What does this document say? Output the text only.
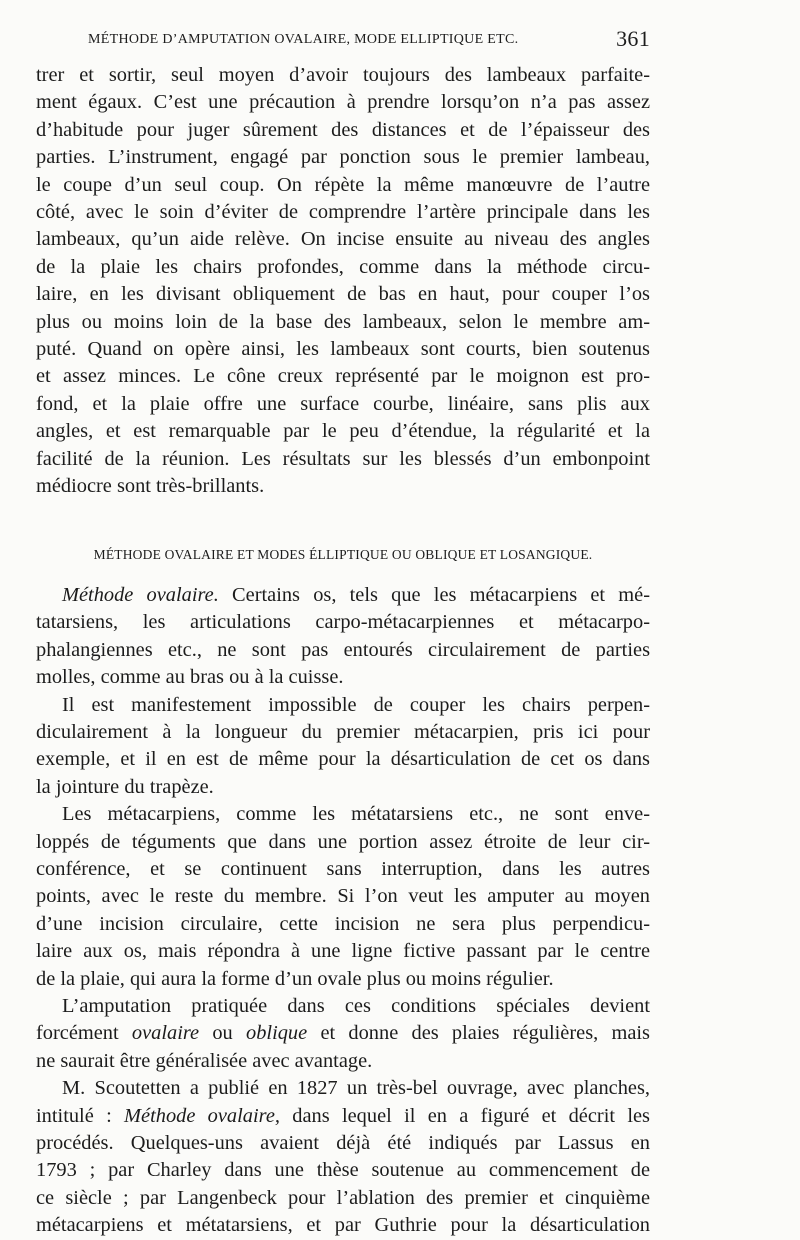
MÉTHODE D’AMPUTATION OVALAIRE, MODE ELLIPTIQUE ETC.	361
trer et sortir, seul moyen d’avoir toujours des lambeaux parfaite-
ment égaux. C’est une précaution à prendre lorsqu’on n’a pas assez
d’habitude pour juger sûrement des distances et de l’épaisseur des
parties. L’instrument, engagé par ponction sous le premier lambeau,
le coupe d’un seul coup. On répète la même manœuvre de l’autre
côté, avec le soin d’éviter de comprendre l’artère principale dans les
lambeaux, qu’un aide relève. On incise ensuite au niveau des angles
de la plaie les chairs profondes, comme dans la méthode circu-
laire, en les divisant obliquement de bas en haut, pour couper l’os
plus ou moins loin de la base des lambeaux, selon le membre am-
puté. Quand on opère ainsi, les lambeaux sont courts, bien soutenus
et assez minces. Le cône creux représenté par le moignon est pro-
fond, et la plaie offre une surface courbe, linéaire, sans plis aux
angles, et est remarquable par le peu d’étendue, la régularité et la
facilité de la réunion. Les résultats sur les blessés d’un embonpoint
médiocre sont très-brillants.
MÉTHODE OVALAIRE ET MODES ÉLLIPTIQUE OU OBLIQUE ET LOSANGIQUE.
Méthode ovalaire. Certains os, tels que les métacarpiens et mé-
tatarsiens, les articulations carpo-métacarpiennes et métacarpo-
phalangiennes etc., ne sont pas entourés circulairement de parties
molles, comme au bras ou à la cuisse.
Il est manifestement impossible de couper les chairs perpen-
diculairement à la longueur du premier métacarpien, pris ici pour
exemple, et il en est de même pour la désarticulation de cet os dans
la jointure du trapèze.
Les métacarpiens, comme les métatarsiens etc., ne sont enve-
loppés de téguments que dans une portion assez étroite de leur cir-
conférence, et se continuent sans interruption, dans les autres
points, avec le reste du membre. Si l’on veut les amputer au moyen
d’une incision circulaire, cette incision ne sera plus perpendicu-
laire aux os, mais répondra à une ligne fictive passant par le centre
de la plaie, qui aura la forme d’un ovale plus ou moins régulier.
L’amputation pratiquée dans ces conditions spéciales devient
forcément ovalaire ou oblique et donne des plaies régulières, mais
ne saurait être généralisée avec avantage.
M. Scoutetten a publié en 1827 un très-bel ouvrage, avec planches,
intitulé : Méthode ovalaire, dans lequel il en a figuré et décrit les
procédés. Quelques-uns avaient déjà été indiqués par Lassus en
1793 ; par Charley dans une thèse soutenue au commencement de
ce siècle ; par Langenbeck pour l’ablation des premier et cinquième
métacarpiens et métatarsiens, et par Guthrie pour la désarticulation
